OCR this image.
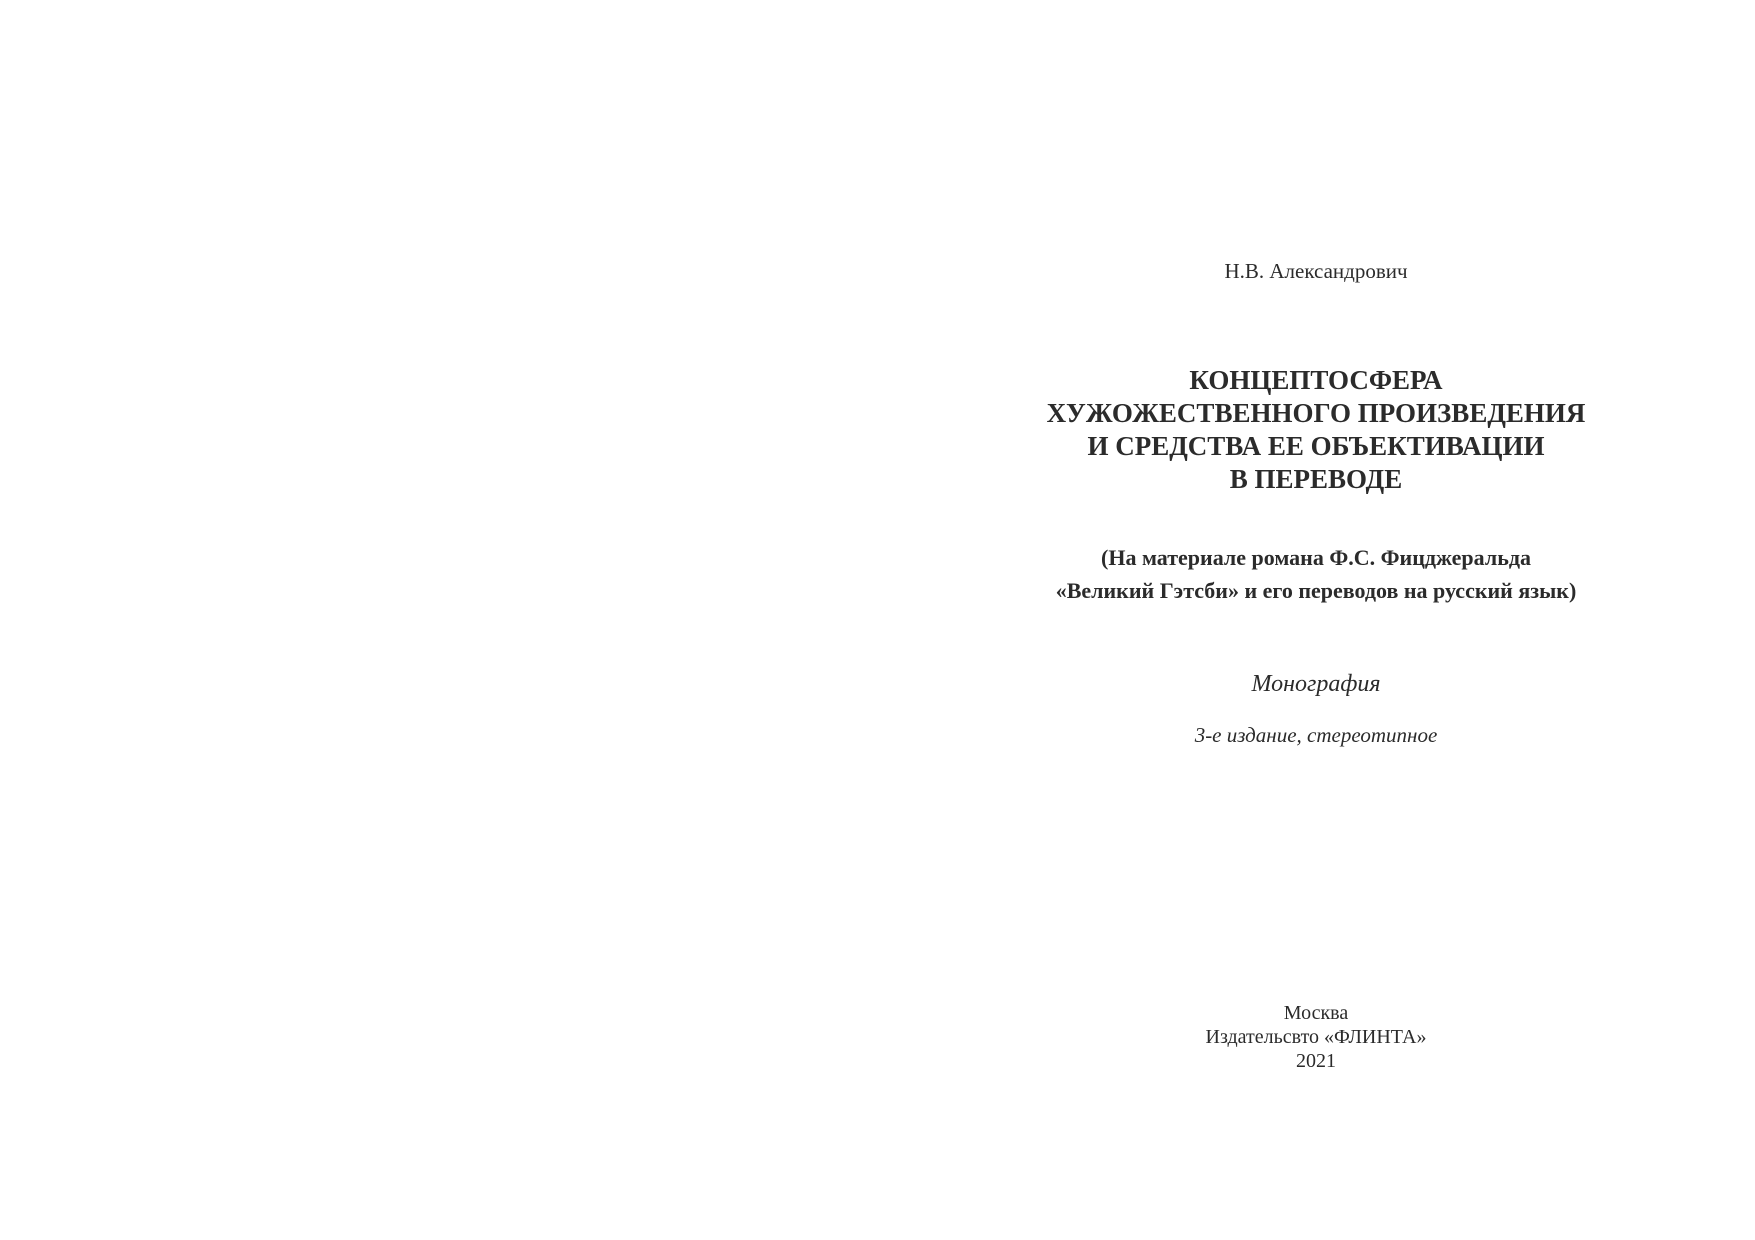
Н.В. Александрович
КОНЦЕПТОСФЕРА
ХУЖОЖЕСТВЕННОГО ПРОИЗВЕДЕНИЯ
И СРЕДСТВА ЕЕ ОБЪЕКТИВАЦИИ
В ПЕРЕВОДЕ
(На материале романа Ф.С. Фицджеральда
«Великий Гэтсби» и его переводов на русский язык)
Монография
3-е издание, стереотипное
Москва
Издательсвто «ФЛИНТА»
2021
